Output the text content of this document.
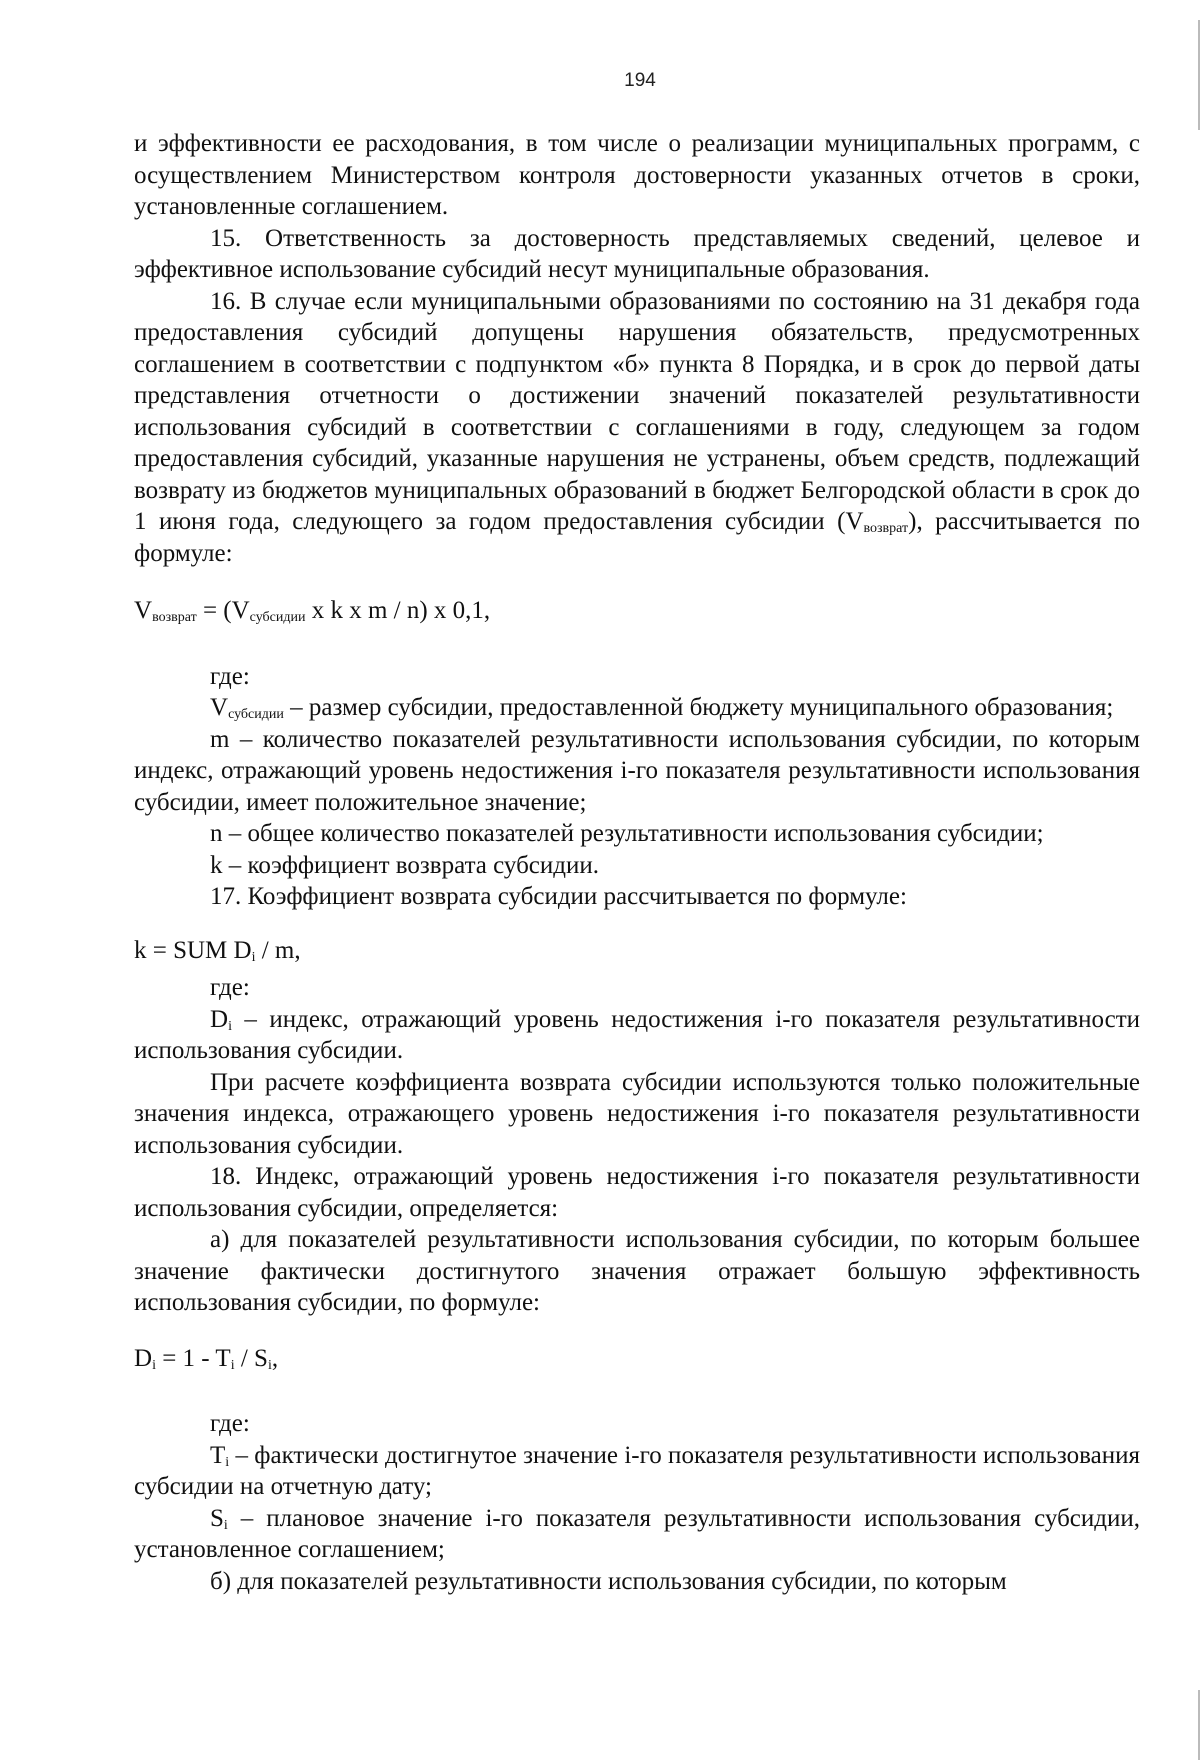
194

и эффективности ее расходования, в том числе о реализации муниципальных программ, с осуществлением Министерством контроля достоверности указанных отчетов в сроки, установленные соглашением.

15. Ответственность за достоверность представляемых сведений, целевое и эффективное использование субсидий несут муниципальные образования.

16. В случае если муниципальными образованиями по состоянию на 31 декабря года предоставления субсидий допущены нарушения обязательств, предусмотренных соглашением в соответствии с подпунктом «б» пункта 8 Порядка, и в срок до первой даты представления отчетности о достижении значений показателей результативности использования субсидий в соответствии с соглашениями в году, следующем за годом предоставления субсидий, указанные нарушения не устранены, объем средств, подлежащий возврату из бюджетов муниципальных образований в бюджет Белгородской области в срок до 1 июня года, следующего за годом предоставления субсидии $(V_{возврат})$, рассчитывается по формуле:

$V_{возврат} = (V_{субсидии}$ x k x m / n) x 0,1,

где:

$V_{субсидии}$ – размер субсидии, предоставленной бюджету муниципального образования;

m – количество показателей результативности использования субсидии, по которым индекс, отражающий уровень недостижения i-го показателя результативности использования субсидии, имеет положительное значение;

n – общее количество показателей результативности использования субсидии;

k – коэффициент возврата субсидии.

17. Коэффициент возврата субсидии рассчитывается по формуле:

k = SUM $D_i$ / m,

где:

$D_i$ – индекс, отражающий уровень недостижения i-го показателя результативности использования субсидии.

При расчете коэффициента возврата субсидии используются только положительные значения индекса, отражающего уровень недостижения i-го показателя результативности использования субсидии.

18. Индекс, отражающий уровень недостижения i-го показателя результативности использования субсидии, определяется:

а) для показателей результативности использования субсидии, по которым большее значение фактически достигнутого значения отражает большую эффективность использования субсидии, по формуле:

$D_i = 1 - T_i / S_i$,

где:

$T_i$ – фактически достигнутое значение i-го показателя результативности использования субсидии на отчетную дату;

$S_i$ – плановое значение i-го показателя результативности использования субсидии, установленное соглашением;

б) для показателей результативности использования субсидии, по которым
